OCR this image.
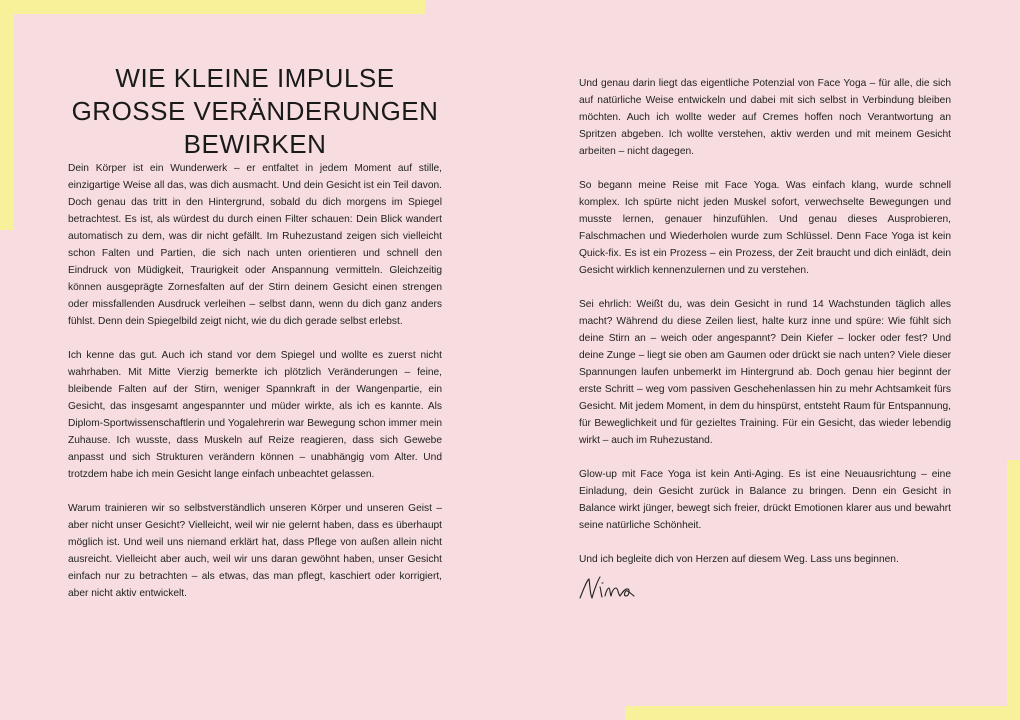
WIE KLEINE IMPULSE GROSSE VERÄNDERUNGEN BEWIRKEN

Dein Körper ist ein Wunderwerk – er entfaltet in jedem Moment auf stille, einzigartige Weise all das, was dich ausmacht. Und dein Gesicht ist ein Teil davon. Doch genau das tritt in den Hintergrund, sobald du dich morgens im Spiegel betrachtest. Es ist, als würdest du durch einen Filter schauen: Dein Blick wandert automatisch zu dem, was dir nicht gefällt. Im Ruhezustand zeigen sich vielleicht schon Falten und Partien, die sich nach unten orientieren und schnell den Eindruck von Müdigkeit, Traurigkeit oder Anspannung vermitteln. Gleichzeitig können ausgeprägte Zornesfalten auf der Stirn deinem Gesicht einen strengen oder missfallenden Ausdruck verleihen – selbst dann, wenn du dich ganz anders fühlst. Denn dein Spiegelbild zeigt nicht, wie du dich gerade selbst erlebst.

Ich kenne das gut. Auch ich stand vor dem Spiegel und wollte es zuerst nicht wahrhaben. Mit Mitte Vierzig bemerkte ich plötzlich Veränderungen – feine, bleibende Falten auf der Stirn, weniger Spannkraft in der Wangenpartie, ein Gesicht, das insgesamt angespannter und müder wirkte, als ich es kannte. Als Diplom-Sportwissenschaftlerin und Yogalehrerin war Bewegung schon immer mein Zuhause. Ich wusste, dass Muskeln auf Reize reagieren, dass sich Gewebe anpasst und sich Strukturen verändern können – unabhängig vom Alter. Und trotzdem habe ich mein Gesicht lange einfach unbeachtet gelassen.

Warum trainieren wir so selbstverständlich unseren Körper und unseren Geist – aber nicht unser Gesicht? Vielleicht, weil wir nie gelernt haben, dass es überhaupt möglich ist. Und weil uns niemand erklärt hat, dass Pflege von außen allein nicht ausreicht. Vielleicht aber auch, weil wir uns daran gewöhnt haben, unser Gesicht einfach nur zu betrachten – als etwas, das man pflegt, kaschiert oder korrigiert, aber nicht aktiv entwickelt.

Und genau darin liegt das eigentliche Potenzial von Face Yoga – für alle, die sich auf natürliche Weise entwickeln und dabei mit sich selbst in Verbindung bleiben möchten. Auch ich wollte weder auf Cremes hoffen noch Verantwortung an Spritzen abgeben. Ich wollte verstehen, aktiv werden und mit meinem Gesicht arbeiten – nicht dagegen.

So begann meine Reise mit Face Yoga. Was einfach klang, wurde schnell komplex. Ich spürte nicht jeden Muskel sofort, verwechselte Bewegungen und musste lernen, genauer hinzufühlen. Und genau dieses Ausprobieren, Falschmachen und Wiederholen wurde zum Schlüssel. Denn Face Yoga ist kein Quick-fix. Es ist ein Prozess – ein Prozess, der Zeit braucht und dich einlädt, dein Gesicht wirklich kennenzulernen und zu verstehen.

Sei ehrlich: Weißt du, was dein Gesicht in rund 14 Wachstunden täglich alles macht? Während du diese Zeilen liest, halte kurz inne und spüre: Wie fühlt sich deine Stirn an – weich oder angespannt? Dein Kiefer – locker oder fest? Und deine Zunge – liegt sie oben am Gaumen oder drückt sie nach unten? Viele dieser Spannungen laufen unbemerkt im Hintergrund ab. Doch genau hier beginnt der erste Schritt – weg vom passiven Geschehenlassen hin zu mehr Achtsamkeit fürs Gesicht. Mit jedem Moment, in dem du hinspürst, entsteht Raum für Entspannung, für Beweglichkeit und für gezieltes Training. Für ein Gesicht, das wieder lebendig wirkt – auch im Ruhezustand.

Glow-up mit Face Yoga ist kein Anti-Aging. Es ist eine Neuausrichtung – eine Einladung, dein Gesicht zurück in Balance zu bringen. Denn ein Gesicht in Balance wirkt jünger, bewegt sich freier, drückt Emotionen klarer aus und bewahrt seine natürliche Schönheit.

Und ich begleite dich von Herzen auf diesem Weg. Lass uns beginnen.
